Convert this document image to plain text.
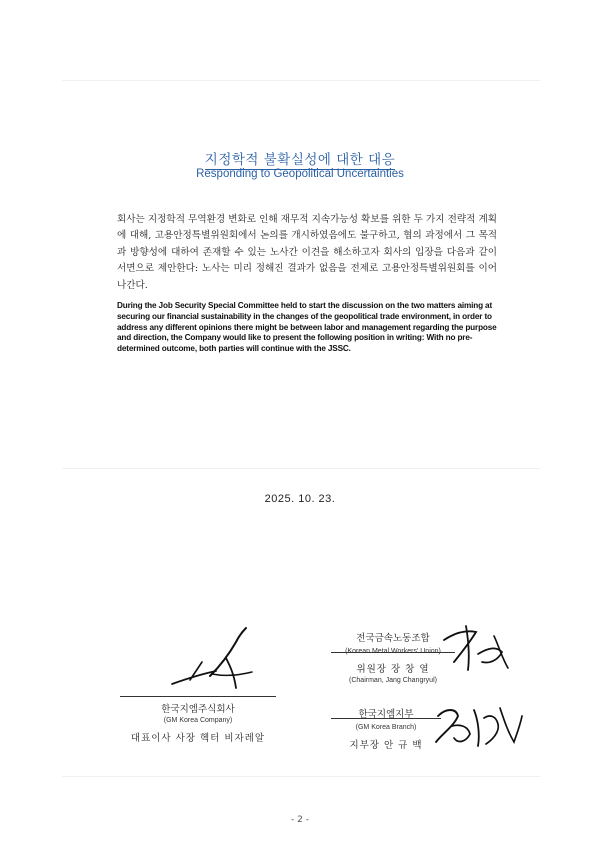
지정학적 불확실성에 대한 대응
Responding to Geopolitical Uncertainties
회사는 지정학적 무역환경 변화로 인해 재무적 지속가능성 확보를 위한 두 가지 전략적 계획에 대해, 고용안정특별위원회에서 논의를 개시하였음에도 불구하고, 협의 과정에서 그 목적과 방향성에 대하여 존재할 수 있는 노사간 이견을 해소하고자 회사의 입장을 다음과 같이 서면으로 제안한다: 노사는 미리 정해진 결과가 없음을 전제로 고용안정특별위원회를 이어 나간다.
During the Job Security Special Committee held to start the discussion on the two matters aiming at securing our financial sustainability in the changes of the geopolitical trade environment, in order to address any different opinions there might be between labor and management regarding the purpose and direction, the Company would like to present the following position in writing: With no pre-determined outcome, both parties will continue with the JSSC.
2025. 10. 23.
한국지엠주식회사
(GM Korea Company)
대표이사 사장 헥터 비자레알
전국금속노동조합
(Korean Metal Workers' Union)
위원장 장 창 열
(Chairman, Jang Changryul)
한국지엠지부
(GM Korea Branch)
지부장 안 규 백
- 2 -
